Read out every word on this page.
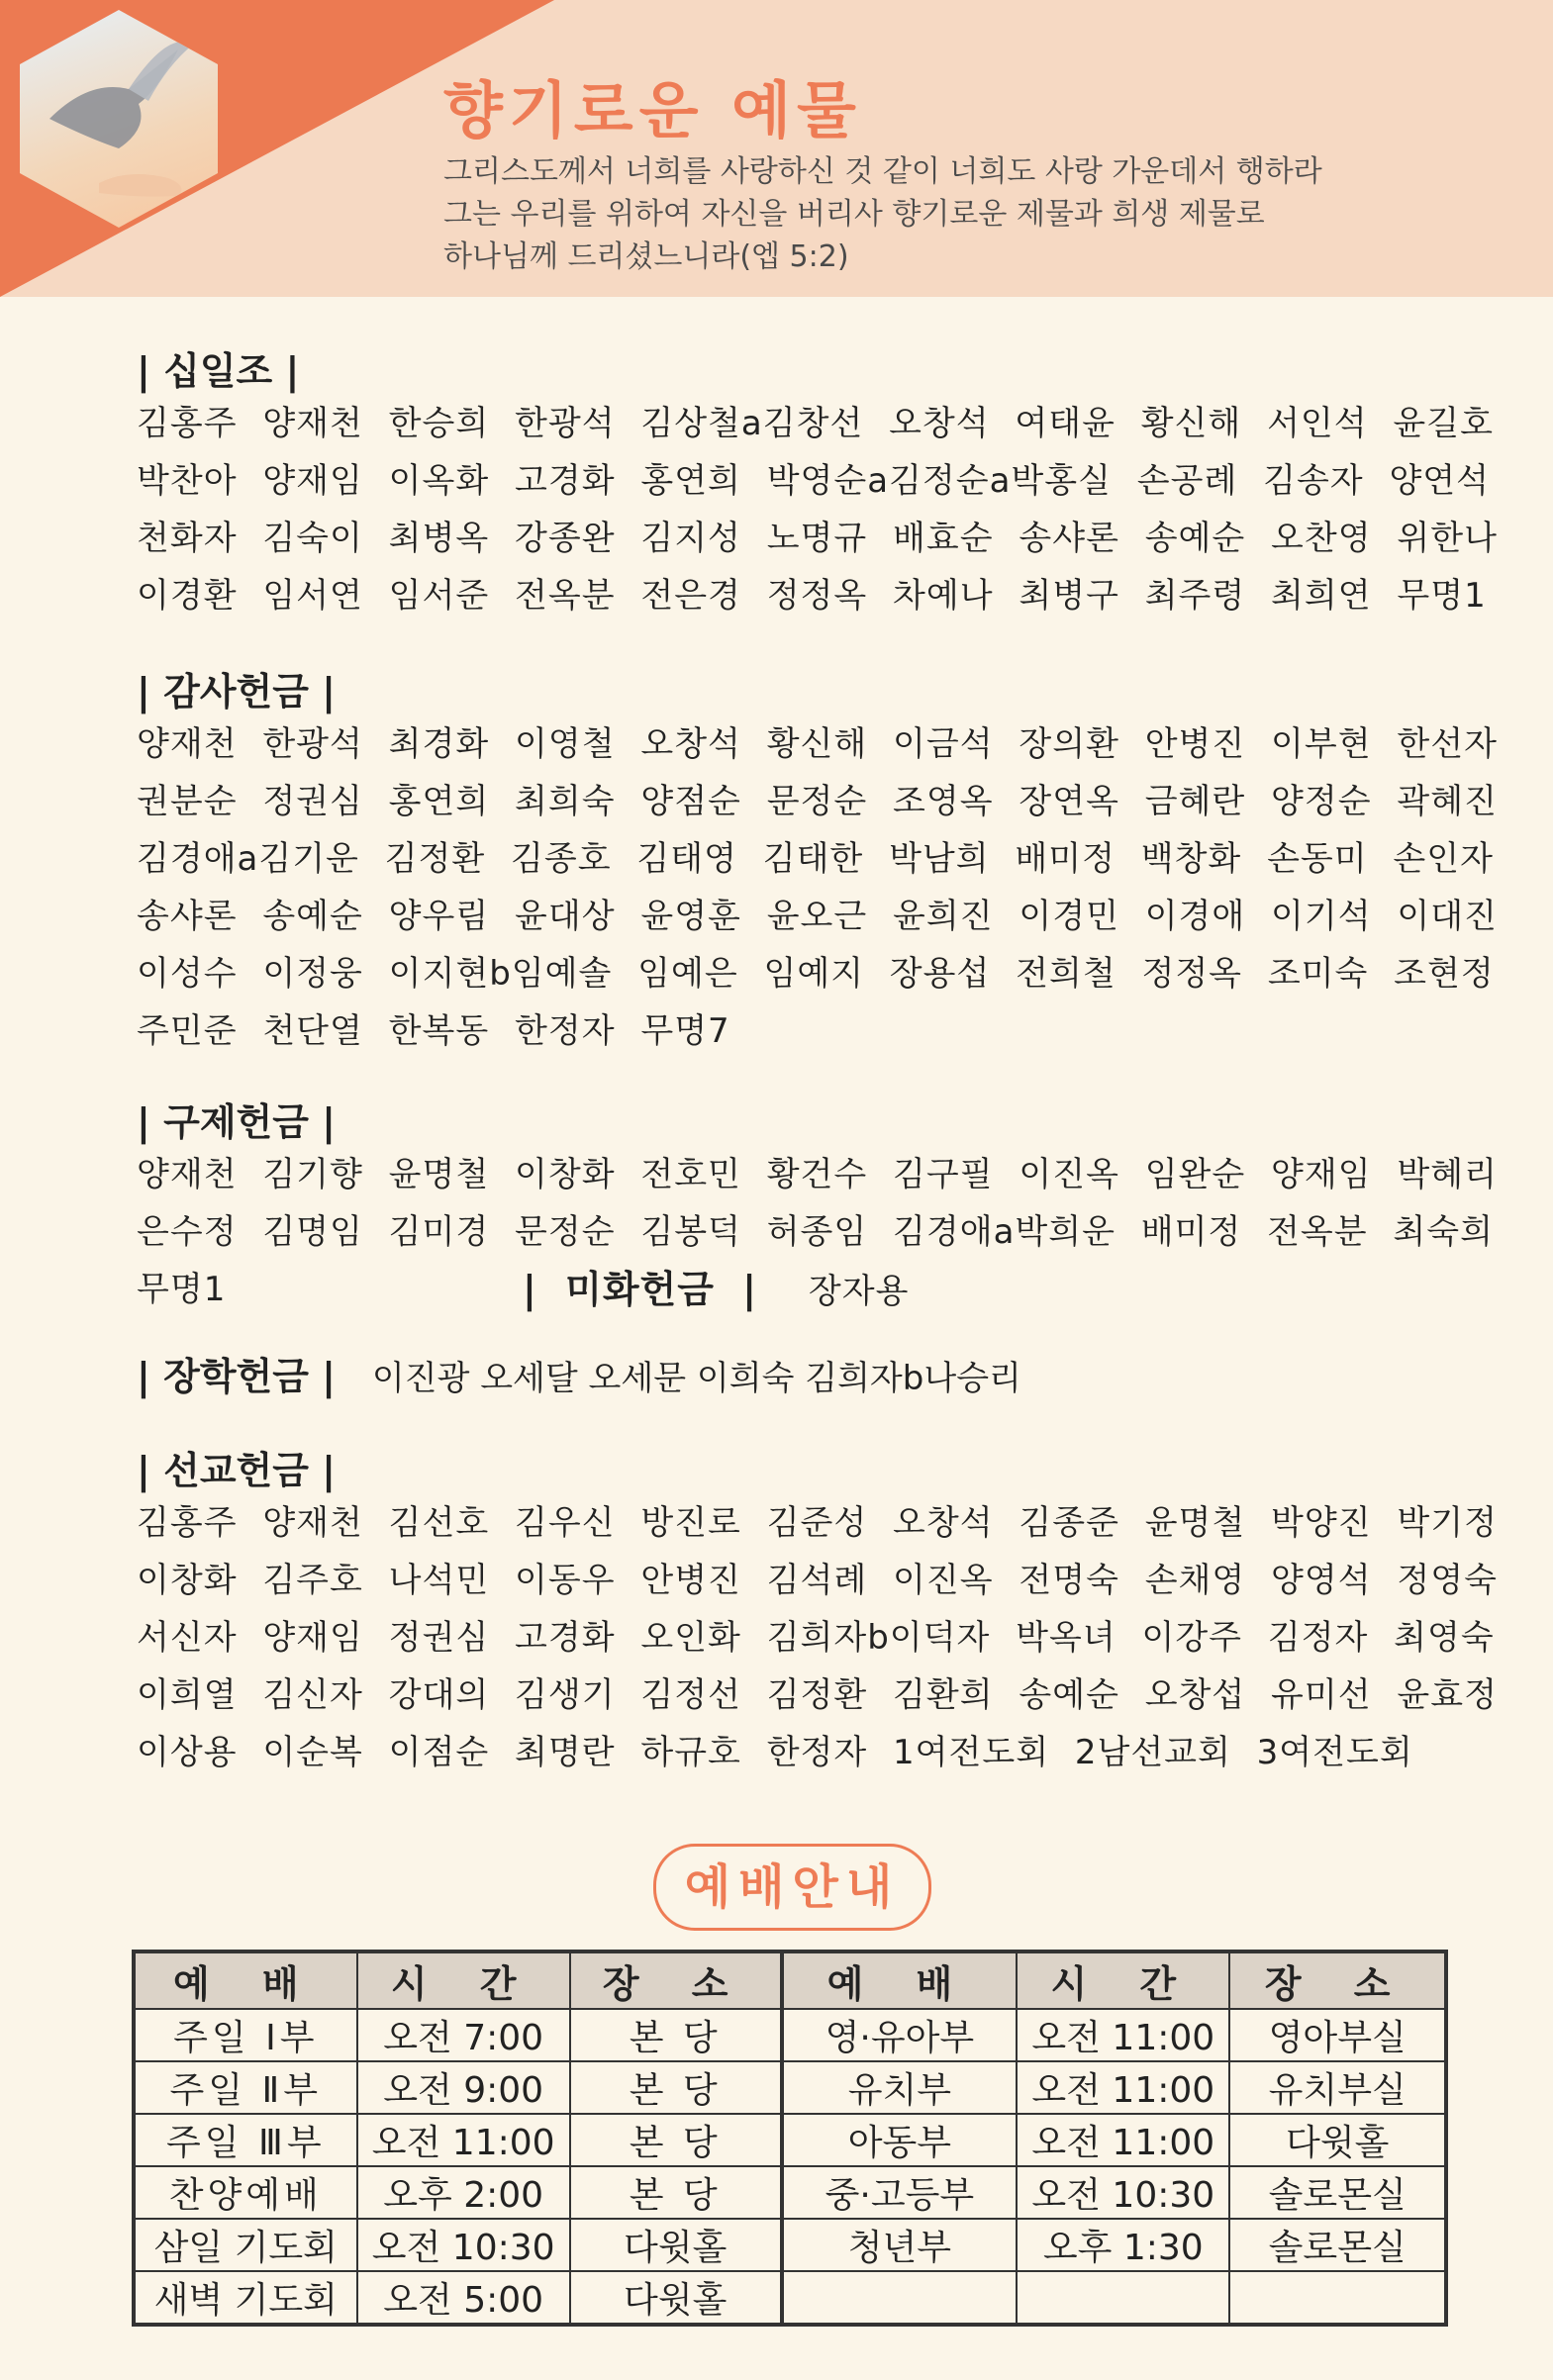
향기로운 예물
그리스도께서 너희를 사랑하신 것 같이 너희도 사랑 가운데서 행하라
그는 우리를 위하여 자신을 버리사 향기로운 제물과 희생 제물로
하나님께 드리셨느니라(엡 5:2)
| 십일조 |
김홍주 양재천 한승희 한광석 김상철a김창선 오창석 여태윤 황신해 서인석 윤길호
박찬아 양재임 이옥화 고경화 홍연희 박영순a김정순a박홍실 손공례 김송자 양연석
천화자 김숙이 최병옥 강종완 김지성 노명규 배효순 송샤론 송예순 오찬영 위한나
이경환 임서연 임서준 전옥분 전은경 정정옥 차예나 최병구 최주령 최희연 무명1
| 감사헌금 |
양재천 한광석 최경화 이영철 오창석 황신해 이금석 장의환 안병진 이부현 한선자
권분순 정권심 홍연희 최희숙 양점순 문정순 조영옥 장연옥 금혜란 양정순 곽혜진
김경애a김기운 김정환 김종호 김태영 김태한 박남희 배미정 백창화 손동미 손인자
송샤론 송예순 양우림 윤대상 윤영훈 윤오근 윤희진 이경민 이경애 이기석 이대진
이성수 이정웅 이지현b임예솔 임예은 임예지 장용섭 전희철 정정옥 조미숙 조현정
주민준 천단열 한복동 한정자 무명7
| 구제헌금 |
양재천 김기향 윤명철 이창화 전호민 황건수 김구필 이진옥 임완순 양재임 박혜리
은수정 김명임 김미경 문정순 김봉덕 허종임 김경애a박희운 배미정 전옥분 최숙희
무명1	| 미화헌금 | 장자용
| 장학헌금 | 이진광 오세달 오세문 이희숙 김희자b나승리
| 선교헌금 |
김홍주 양재천 김선호 김우신 방진로 김준성 오창석 김종준 윤명철 박양진 박기정
이창화 김주호 나석민 이동우 안병진 김석례 이진옥 전명숙 손채영 양영석 정영숙
서신자 양재임 정권심 고경화 오인화 김희자b이덕자 박옥녀 이강주 김정자 최영숙
이희열 김신자 강대의 김생기 김정선 김정환 김환희 송예순 오창섭 유미선 윤효정
이상용 이순복 이점순 최명란 하규호 한정자 1여전도회 2남선교회 3여전도회
예배안내
예 배	시 간	장 소	예 배	시 간	장 소
주일 Ⅰ부	오전 7:00	본 당	영·유아부	오전 11:00	영아부실
주일 Ⅱ부	오전 9:00	본 당	유치부	오전 11:00	유치부실
주일 Ⅲ부	오전 11:00	본 당	아동부	오전 11:00	다윗홀
찬양예배	오후 2:00	본 당	중·고등부	오전 10:30	솔로몬실
삼일 기도회	오전 10:30	다윗홀	청년부	오후 1:30	솔로몬실
새벽 기도회	오전 5:00	다윗홀			
